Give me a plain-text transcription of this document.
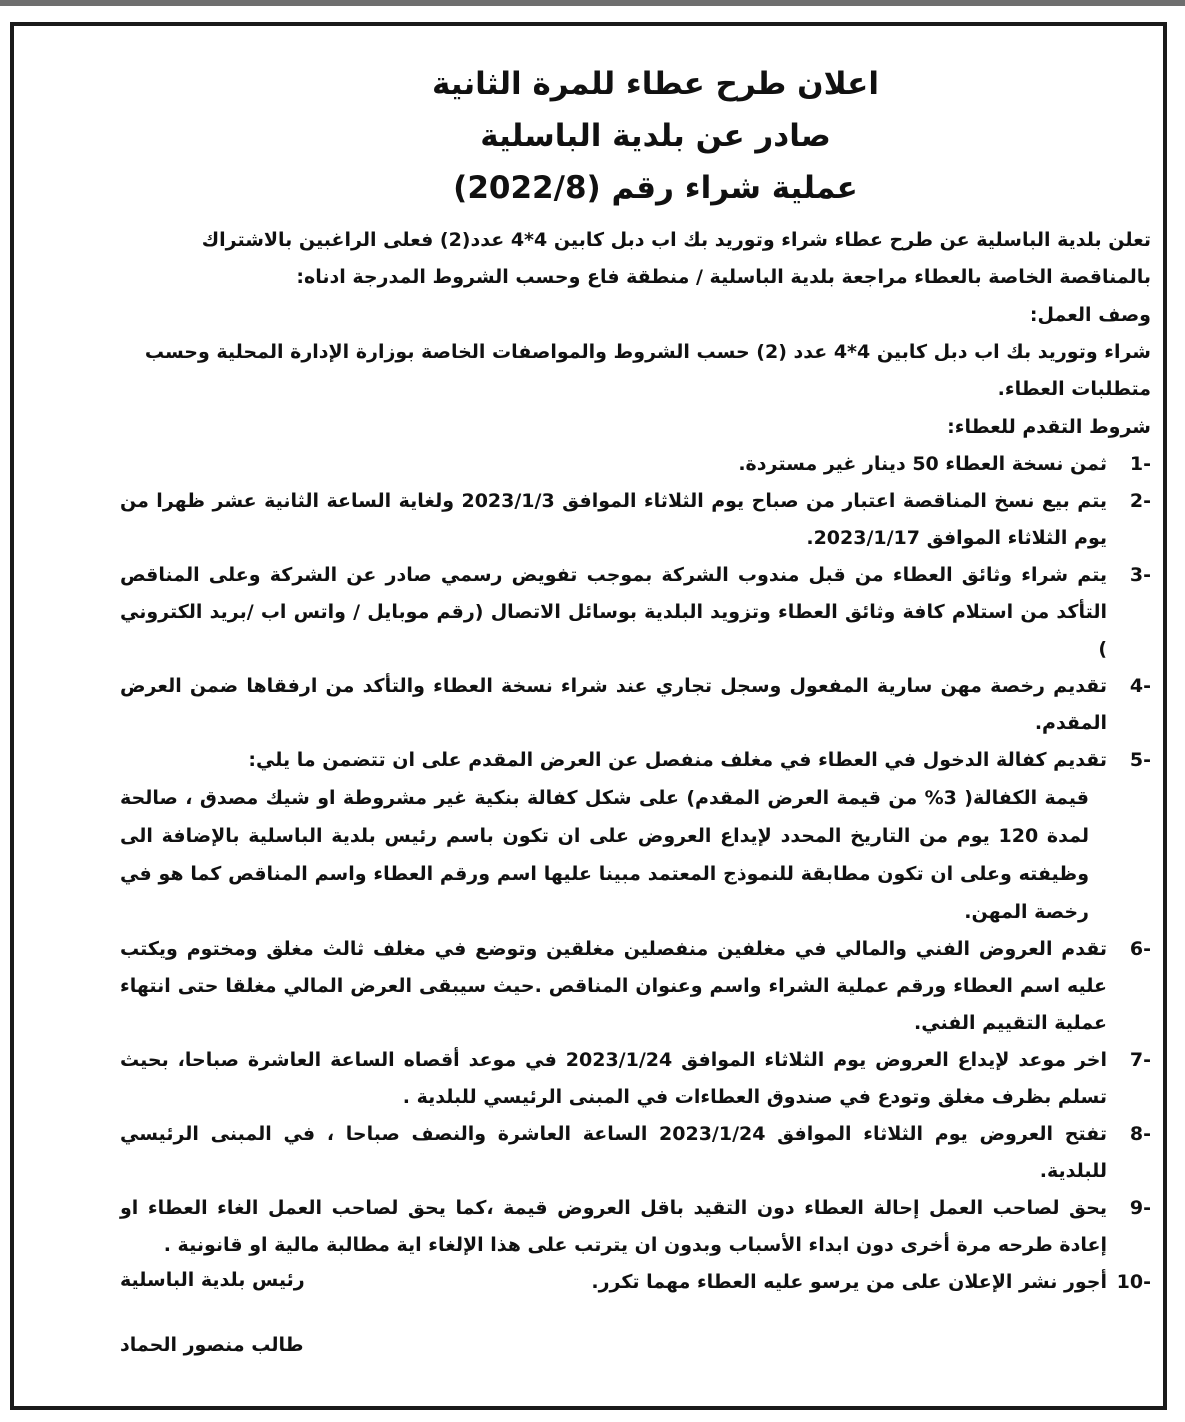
اعلان طرح عطاء للمرة الثانية
صادر عن بلدية الباسلية
عملية شراء رقم (2022/8)

تعلن بلدية الباسلية عن طرح عطاء شراء وتوريد بك اب دبل كابين 4*4 عدد(2) فعلى الراغبين بالاشتراك بالمناقصة الخاصة بالعطاء مراجعة بلدية الباسلية / منطقة فاع وحسب الشروط المدرجة ادناه:

وصف العمل:

شراء وتوريد بك اب دبل كابين 4*4 عدد (2) حسب الشروط والمواصفات الخاصة بوزارة الإدارة المحلية وحسب متطلبات العطاء.

شروط التقدم للعطاء:

-1
ثمن نسخة العطاء 50 دينار غير مستردة.
-2
يتم بيع نسخ المناقصة اعتبار من صباح يوم الثلاثاء الموافق 2023/1/3 ولغاية الساعة الثانية عشر ظهرا من يوم الثلاثاء الموافق 2023/1/17.
-3
يتم شراء وثائق العطاء من قبل مندوب الشركة بموجب تفويض رسمي صادر عن الشركة وعلى المناقص التأكد من استلام كافة وثائق العطاء وتزويد البلدية بوسائل الاتصال (رقم موبايل / واتس اب /بريد الكتروني )
-4
تقديم رخصة مهن سارية المفعول وسجل تجاري عند شراء نسخة العطاء والتأكد من ارفقاها ضمن العرض المقدم.
-5
تقديم كفالة الدخول في العطاء في مغلف منفصل عن العرض المقدم على ان تتضمن ما يلي:
قيمة الكفالة( 3% من قيمة العرض المقدم) على شكل كفالة بنكية غير مشروطة او شيك مصدق ، صالحة لمدة 120 يوم من التاريخ المحدد لإيداع العروض على ان تكون باسم رئيس بلدية الباسلية بالإضافة الى وظيفته وعلى ان تكون مطابقة للنموذج المعتمد مبينا عليها اسم ورقم العطاء واسم المناقص كما هو في رخصة المهن.
-6
تقدم العروض الفني والمالي في مغلفين منفصلين مغلقين وتوضع في مغلف ثالث مغلق ومختوم ويكتب عليه اسم العطاء ورقم عملية الشراء واسم وعنوان المناقص .حيث سيبقى العرض المالي مغلقا حتى انتهاء عملية التقييم الفني.
-7
اخر موعد لإيداع العروض يوم الثلاثاء الموافق 2023/1/24 في موعد أقصاه الساعة العاشرة صباحا، بحيث تسلم بظرف مغلق وتودع في صندوق العطاءات في المبنى الرئيسي للبلدية .
-8
تفتح العروض يوم الثلاثاء الموافق 2023/1/24 الساعة العاشرة والنصف صباحا ، في المبنى الرئيسي للبلدية.
-9
يحق لصاحب العمل إحالة العطاء دون التقيد باقل العروض قيمة ،كما يحق لصاحب العمل الغاء العطاء او إعادة طرحه مرة أخرى دون ابداء الأسباب وبدون ان يترتب على هذا الإلغاء اية مطالبة مالية او قانونية .
-10
أجور نشر الإعلان على من يرسو عليه العطاء مهما تكرر.
رئيس بلدية الباسلية
طالب منصور الحماد
